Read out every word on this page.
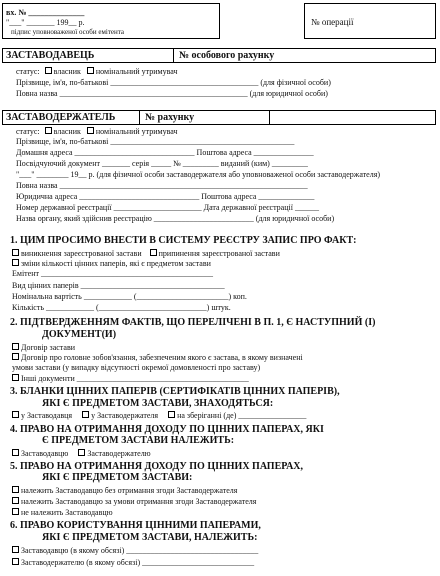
вх. № ______________
"___" _______ 199__ р.
підпис уповноваженої особи емітента
№ операції
ЗАСТАВОДАВЕЦЬ	№ особового рахунку
статус: власник номінальний утримувач
Прізвище, ім'я, по-батькові _____________________________________ (для фізичної особи)
Повна назва _______________________________________________ (для юридичної особи)
ЗАСТАВОДЕРЖАТЕЛЬ	№ рахунку
статус: власник номінальний утримувач
Прізвище, ім'я, по-батькові ______________________________________________
Домашня адреса ______________________________ Поштова адреса _______________
Посвідчуючий документ _______ серія _____ № _________ виданий (ким) _________
"___" ________ 19__ р. (для фізичної особи заставодержателя або уповноваженої особи заставодержателя)
Повна назва ______________________________________________________________
Юридична адреса ______________________________ Поштова адреса ______________
Номер державної реєстрації ______________________ Дата державної реєстрації ______
Назва органу, який здійснив реєстрацію _________________________ (для юридичної особи)
1. ЦИМ ПРОСИМО ВНЕСТИ В СИСТЕМУ РЕЄСТРУ ЗАПИС ПРО ФАКТ:
виникнення зареєстрованої застави припинення зареєстрованої застави
зміни кількості цінних паперів, які є предметом застави
Емітент ___________________________________________
Вид цінних паперів ____________________________________
Номінальна вартість ____________ (_______________________) коп.
Кількість ____________ (___________________________) штук.
2. ПІДТВЕРДЖЕННЯМ ФАКТІВ, ЩО ПЕРЕЛІЧЕНІ В П. 1, Є НАСТУПНИЙ (І)
ДОКУМЕНТ(И)
Договір застави
Договір про головне зобов'язання, забезпеченим якого є застава, в якому визначені
умови застави (у випадку відсутності окремої домовленості про заставу)
Інші документи ___________________________________________
3. БЛАНКИ ЦІННИХ ПАПЕРІВ (СЕРТИФІКАТІВ ЦІННИХ ПАПЕРІВ),
ЯКІ Є ПРЕДМЕТОМ ЗАСТАВИ, ЗНАХОДЯТЬСЯ:
у Заставодавця у Заставодержателя на зберіганні (де) _________________
4. ПРАВО НА ОТРИМАННЯ ДОХОДУ ПО ЦІННИХ ПАПЕРАХ, ЯКІ
Є ПРЕДМЕТОМ ЗАСТАВИ НАЛЕЖИТЬ:
Заставодавцю Заставодержателю
5. ПРАВО НА ОТРИМАННЯ ДОХОДУ ПО ЦІННИХ ПАПЕРАХ,
ЯКІ Є ПРЕДМЕТОМ ЗАСТАВИ:
належить Заставодавцю без отримання згоди Заставодержателя
належить Заставодавцю за умови отримання згоди Заставодержателя
не належить Заставодавцю
6. ПРАВО КОРИСТУВАННЯ ЦІННИМИ ПАПЕРАМИ,
ЯКІ Є ПРЕДМЕТОМ ЗАСТАВИ, НАЛЕЖИТЬ:
Заставодавцю (в якому обсязі) _________________________________
Заставодержателю (в якому обсязі) ____________________________
